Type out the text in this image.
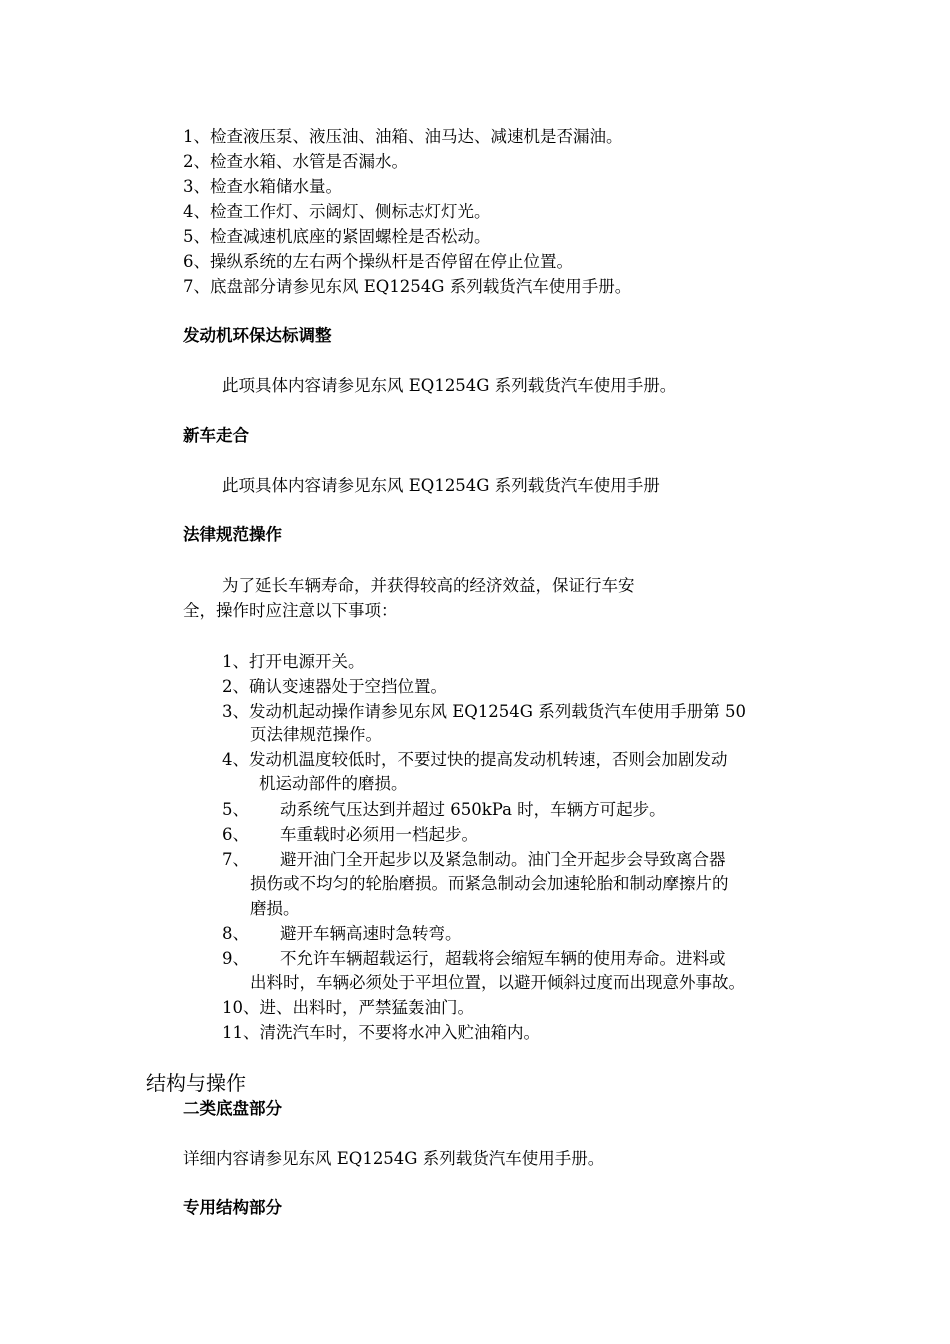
1、检查液压泵、液压油、油箱、油马达、减速机是否漏油。
2、检查水箱、水管是否漏水。
3、检查水箱储水量。
4、检查工作灯、示阔灯、侧标志灯灯光。
5、检查减速机底座的紧固螺栓是否松动。
6、操纵系统的左右两个操纵杆是否停留在停止位置。
7、底盘部分请参见东风 EQ1254G 系列载货汽车使用手册。
发动机环保达标调整
此项具体内容请参见东风 EQ1254G 系列载货汽车使用手册。
新车走合
此项具体内容请参见东风 EQ1254G 系列载货汽车使用手册
法律规范操作
为了延长车辆寿命，并获得较高的经济效益，保证行车安
全，操作时应注意以下事项：
1、打开电源开关。
2、确认变速器处于空挡位置。
3、发动机起动操作请参见东风 EQ1254G 系列载货汽车使用手册第 50
页法律规范操作。
4、发动机温度较低时，不要过快的提高发动机转速，否则会加剧发动
机运动部件的磨损。
5、 动系统气压达到并超过 650kPa 时，车辆方可起步。
6、 车重载时必须用一档起步。
7、 避开油门全开起步以及紧急制动。油门全开起步会导致离合器
损伤或不均匀的轮胎磨损。而紧急制动会加速轮胎和制动摩擦片的
磨损。
8、 避开车辆高速时急转弯。
9、 不允许车辆超载运行，超载将会缩短车辆的使用寿命。进料或
出料时，车辆必须处于平坦位置，以避开倾斜过度而出现意外事故。
10、进、出料时，严禁猛轰油门。
11、清洗汽车时，不要将水冲入贮油箱内。
结构与操作
二类底盘部分
详细内容请参见东风 EQ1254G 系列载货汽车使用手册。
专用结构部分
